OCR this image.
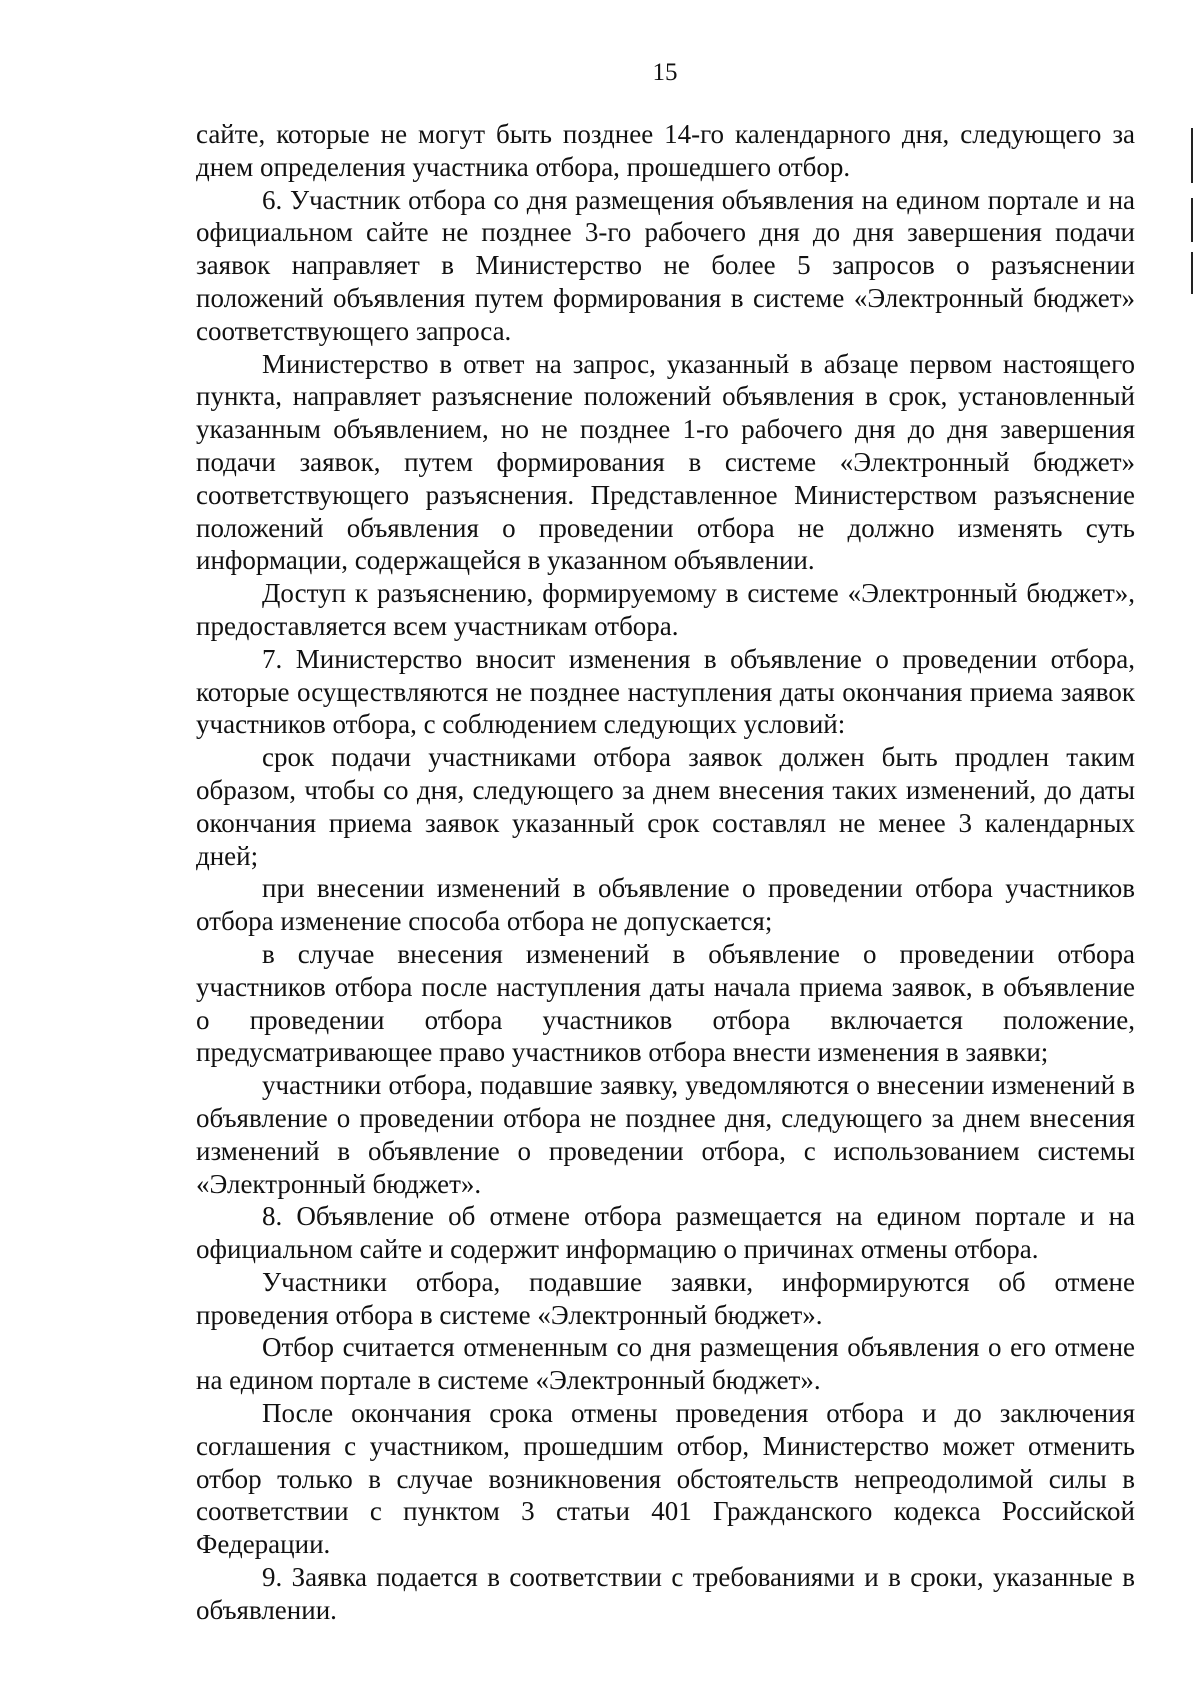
15

сайте, которые не могут быть позднее 14-го календарного дня, следующего за днем определения участника отбора, прошедшего отбор.

6. Участник отбора со дня размещения объявления на едином портале и на официальном сайте не позднее 3-го рабочего дня до дня завершения подачи заявок направляет в Министерство не более 5 запросов о разъяснении положений объявления путем формирования в системе «Электронный бюджет» соответствующего запроса.

Министерство в ответ на запрос, указанный в абзаце первом настоящего пункта, направляет разъяснение положений объявления в срок, установленный указанным объявлением, но не позднее 1-го рабочего дня до дня завершения подачи заявок, путем формирования в системе «Электронный бюджет» соответствующего разъяснения. Представленное Министерством разъяснение положений объявления о проведении отбора не должно изменять суть информации, содержащейся в указанном объявлении.

Доступ к разъяснению, формируемому в системе «Электронный бюджет», предоставляется всем участникам отбора.

7. Министерство вносит изменения в объявление о проведении отбора, которые осуществляются не позднее наступления даты окончания приема заявок участников отбора, с соблюдением следующих условий:

срок подачи участниками отбора заявок должен быть продлен таким образом, чтобы со дня, следующего за днем внесения таких изменений, до даты окончания приема заявок указанный срок составлял не менее 3 календарных дней;

при внесении изменений в объявление о проведении отбора участников отбора изменение способа отбора не допускается;

в случае внесения изменений в объявление о проведении отбора участников отбора после наступления даты начала приема заявок, в объявление о проведении отбора участников отбора включается положение, предусматривающее право участников отбора внести изменения в заявки;

участники отбора, подавшие заявку, уведомляются о внесении изменений в объявление о проведении отбора не позднее дня, следующего за днем внесения изменений в объявление о проведении отбора, с использованием системы «Электронный бюджет».

8. Объявление об отмене отбора размещается на едином портале и на официальном сайте и содержит информацию о причинах отмены отбора.

Участники отбора, подавшие заявки, информируются об отмене проведения отбора в системе «Электронный бюджет».

Отбор считается отмененным со дня размещения объявления о его отмене на едином портале в системе «Электронный бюджет».

После окончания срока отмены проведения отбора и до заключения соглашения с участником, прошедшим отбор, Министерство может отменить отбор только в случае возникновения обстоятельств непреодолимой силы в соответствии с пунктом 3 статьи 401 Гражданского кодекса Российской Федерации.

9. Заявка подается в соответствии с требованиями и в сроки, указанные в объявлении.
